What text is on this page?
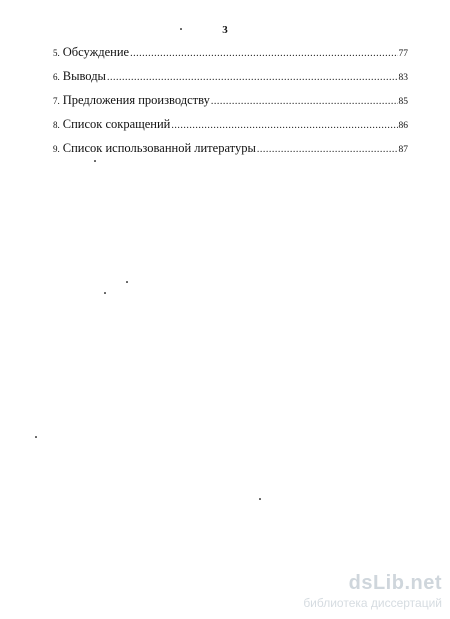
3
5. Обсуждение .....	77
6. Выводы .....	83
7. Предложения производству .....	85
8. Список сокращений .....	86
9. Список использованной литературы .....	87
dsLib.net
библиотека диссертаций
